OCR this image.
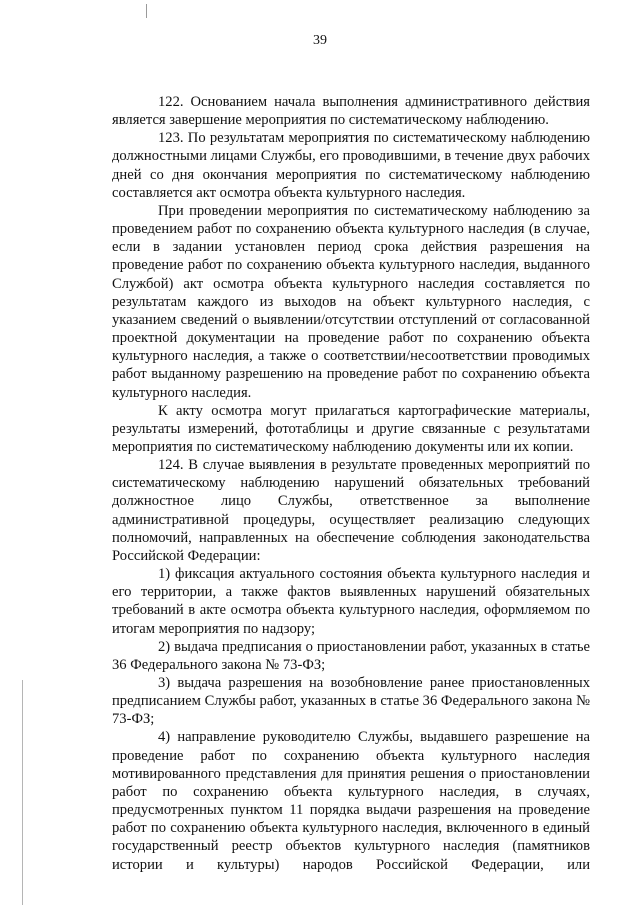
39

122. Основанием начала выполнения административного действия является завершение мероприятия по систематическому наблюдению.

123. По результатам мероприятия по систематическому наблюдению должностными лицами Службы, его проводившими, в течение двух рабочих дней со дня окончания мероприятия по систематическому наблюдению составляется акт осмотра объекта культурного наследия.

При проведении мероприятия по систематическому наблюдению за проведением работ по сохранению объекта культурного наследия (в случае, если в задании установлен период срока действия разрешения на проведение работ по сохранению объекта культурного наследия, выданного Службой) акт осмотра объекта культурного наследия составляется по результатам каждого из выходов на объект культурного наследия, с указанием сведений о выявлении/отсутствии отступлений от согласованной проектной документации на проведение работ по сохранению объекта культурного наследия, а также о соответствии/несоответствии проводимых работ выданному разрешению на проведение работ по сохранению объекта культурного наследия.

К акту осмотра могут прилагаться картографические материалы, результаты измерений, фототаблицы и другие связанные с результатами мероприятия по систематическому наблюдению документы или их копии.

124. В случае выявления в результате проведенных мероприятий по систематическому наблюдению нарушений обязательных требований должностное лицо Службы, ответственное за выполнение административной процедуры, осуществляет реализацию следующих полномочий, направленных на обеспечение соблюдения законодательства Российской Федерации:

1) фиксация актуального состояния объекта культурного наследия и его территории, а также фактов выявленных нарушений обязательных требований в акте осмотра объекта культурного наследия, оформляемом по итогам мероприятия по надзору;

2) выдача предписания о приостановлении работ, указанных в статье 36 Федерального закона № 73-ФЗ;

3) выдача разрешения на возобновление ранее приостановленных предписанием Службы работ, указанных в статье 36 Федерального закона № 73-ФЗ;

4) направление руководителю Службы, выдавшего разрешение на проведение работ по сохранению объекта культурного наследия мотивированного представления для принятия решения о приостановлении работ по сохранению объекта культурного наследия, в случаях, предусмотренных пунктом 11 порядка выдачи разрешения на проведение работ по сохранению объекта культурного наследия, включенного в единый государственный реестр объектов культурного наследия (памятников истории и культуры) народов Российской Федерации, или
